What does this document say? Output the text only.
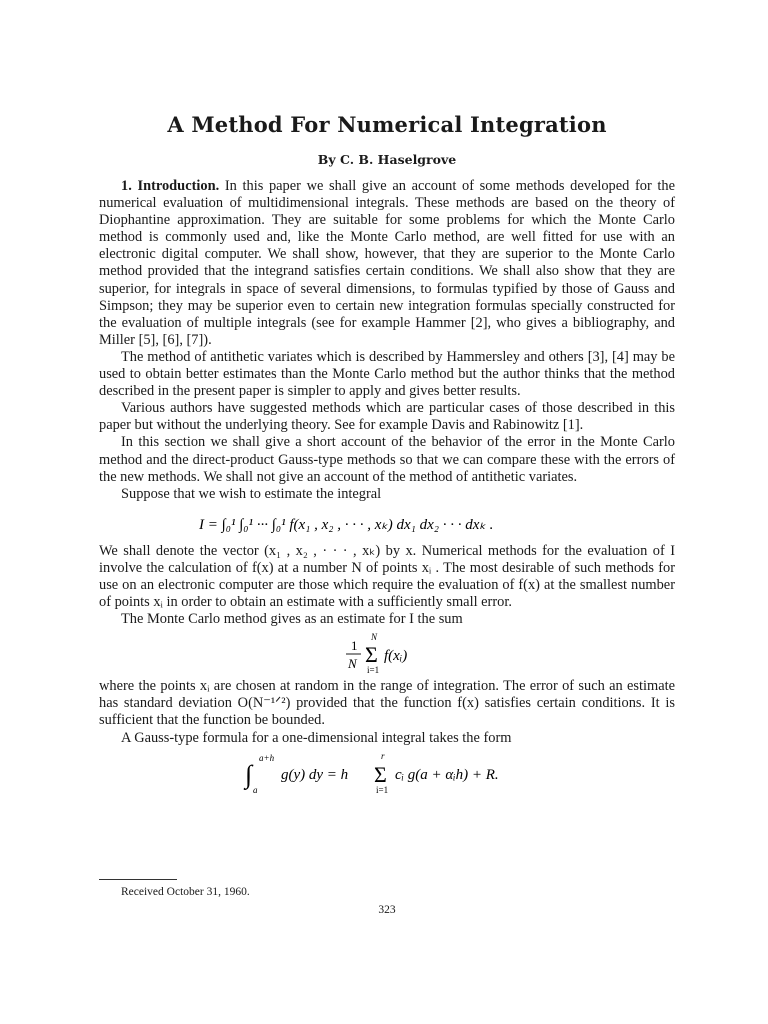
A Method For Numerical Integration
By C. B. Haselgrove

1. Introduction. In this paper we shall give an account of some methods developed for the numerical evaluation of multidimensional integrals. These methods are based on the theory of Diophantine approximation. They are suitable for some problems for which the Monte Carlo method is commonly used and, like the Monte Carlo method, are well fitted for use with an electronic digital computer. We shall show, however, that they are superior to the Monte Carlo method provided that the integrand satisfies certain conditions. We shall also show that they are superior, for integrals in space of several dimensions, to formulas typified by those of Gauss and Simpson; they may be superior even to certain new integration formulas specially constructed for the evaluation of multiple integrals (see for example Hammer [2], who gives a bibliography, and Miller [5], [6], [7]).

The method of antithetic variates which is described by Hammersley and others [3], [4] may be used to obtain better estimates than the Monte Carlo method but the author thinks that the method described in the present paper is simpler to apply and gives better results.

Various authors have suggested methods which are particular cases of those described in this paper but without the underlying theory. See for example Davis and Rabinowitz [1].

In this section we shall give a short account of the behavior of the error in the Monte Carlo method and the direct-product Gauss-type methods so that we can compare these with the errors of the new methods. We shall not give an account of the method of antithetic variates.

Suppose that we wish to estimate the integral

I = ∫₀¹ ∫₀¹ ··· ∫₀¹ f(x₁ , x₂ , · · · , xₖ) dx₁ dx₂ · · · dxₖ .

We shall denote the vector (x₁ , x₂ , · · · , xₖ) by x. Numerical methods for the evaluation of I involve the calculation of f(x) at a number N of points xᵢ . The most desirable of such methods for use on an electronic computer are those which require the evaluation of f(x) at the smallest number of points xᵢ in order to obtain an estimate with a sufficiently small error.

The Monte Carlo method gives as an estimate for I the sum

1
N
N
Σ
i=1
f(xᵢ)

where the points xᵢ are chosen at random in the range of integration. The error of such an estimate has standard deviation O(N⁻¹ᐟ²) provided that the function f(x) satisfies certain conditions. It is sufficient that the function be bounded.

A Gauss-type formula for a one-dimensional integral takes the form

∫
a+h
a
g(y) dy = h
r
Σ
i=1
cᵢ g(a + αᵢh) + R.
Received October 31, 1960.
323
